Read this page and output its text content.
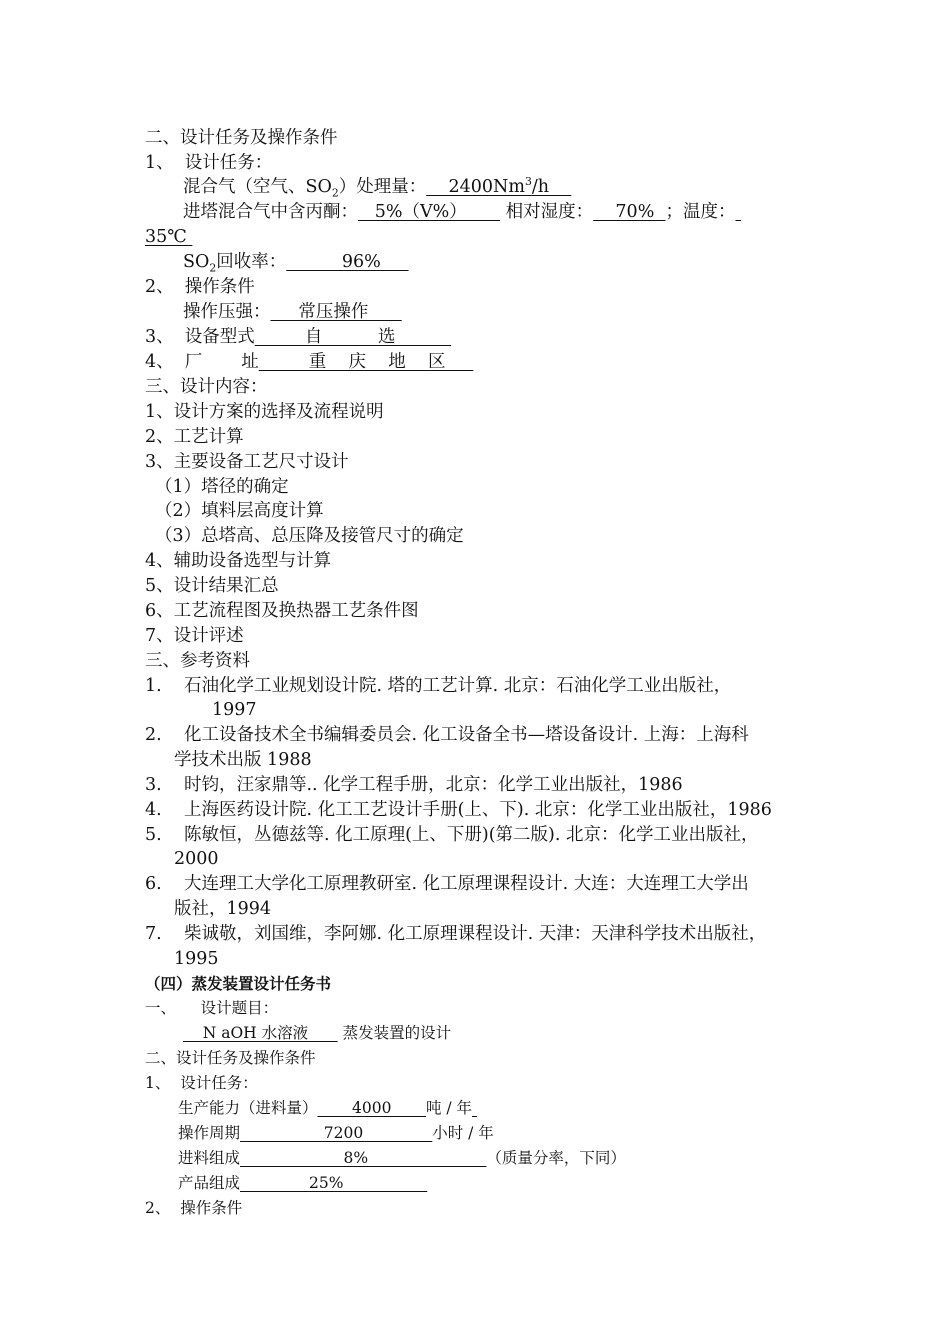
二、设计任务及操作条件
1、  设计任务：
混合气（空气、$SO_2$）处理量：    2400Nm$^3$/h
进塔混合气中含丙酮：   5%（V%）       相对湿度：    70%  ；温度：
35℃
$SO_2$回收率：          96%
2、  操作条件
操作压强：     常压操作
3、  设备型式         自          选
4、  厂       址         重    庆    地    区
三、设计内容：
1、设计方案的选择及流程说明
2、工艺计算
3、主要设备工艺尺寸设计
（1）塔径的确定
（2）填料层高度计算
（3）总塔高、总压降及接管尺寸的确定
4、辅助设备选型与计算
5、设计结果汇总
6、工艺流程图及换热器工艺条件图
7、设计评述
三、参考资料
1.    石油化学工业规划设计院. 塔的工艺计算. 北京：石油化学工业出版社，
1997
2.    化工设备技术全书编辑委员会. 化工设备全书—塔设备设计. 上海：上海科
学技术出版 1988
3.    时钧，汪家鼎等.. 化学工程手册，北京：化学工业出版社，1986
4.    上海医药设计院. 化工工艺设计手册(上、下). 北京：化学工业出版社，1986
5.    陈敏恒，丛德兹等. 化工原理(上、下册)(第二版). 北京：化学工业出版社，
2000
6.    大连理工大学化工原理教研室. 化工原理课程设计. 大连：大连理工大学出
版社，1994
7.    柴诚敬，刘国维，李阿娜. 化工原理课程设计. 天津：天津科学技术出版社，
1995
（四）蒸发装置设计任务书
一、     设计题目：
N aOH 水溶液       蒸发装置的设计
二、设计任务及操作条件
1、  设计任务：
生产能力（进料量）       4000       吨 / 年
操作周期                 7200              小时 / 年
进料组成                     8%                        （质量分率，下同）
产品组成              25%
2、  操作条件
